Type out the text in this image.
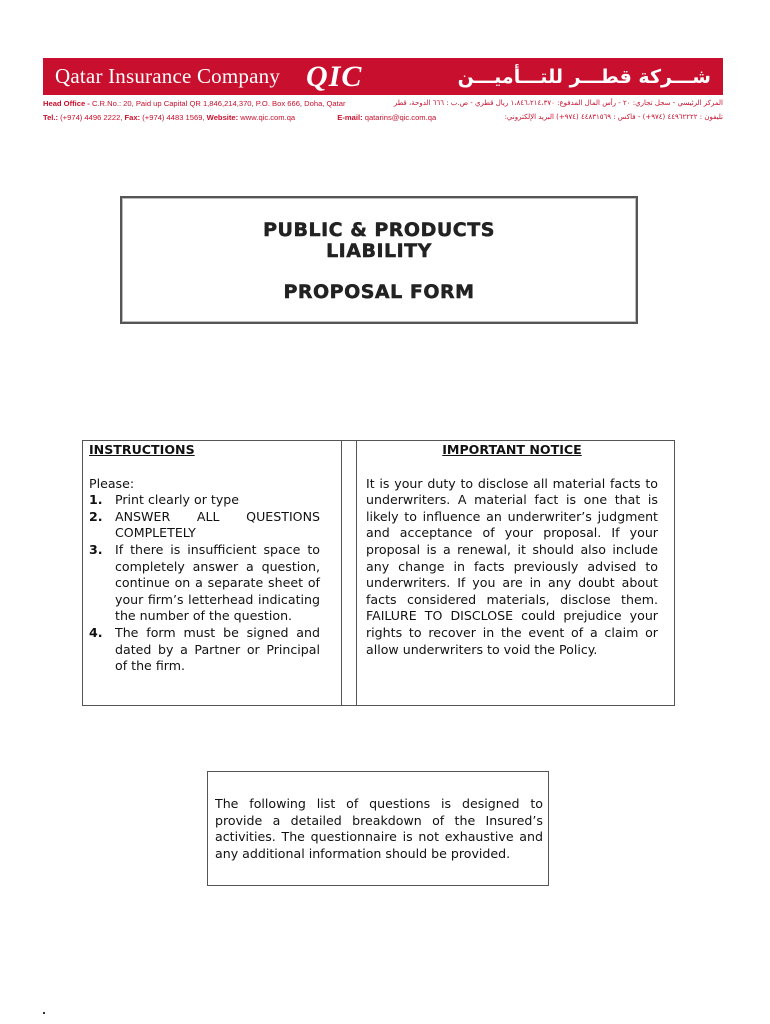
Qatar Insurance Company QIC	شـــركة قطـــر للتـــأميـــن
Head Office - C.R.No.: 20, Paid up Capital QR 1,846,214,370, P.O. Box 666, Doha, Qatar	المركز الرئيسي - سجل تجاري: ٢٠ - رأس المال المدفوع: ١،٨٤٦،٢١٤،٣٧٠ ريال قطري - ص.ب : ٦٦٦ الدوحة، قطر
Tel.: (+974) 4496 2222, Fax: (+974) 4483 1569, Website: www.qic.com.qa	E-mail: qatarins@qic.com.qa	تليفون : ٤٤٩٦٢٢٢٢ (٩٧٤+) - فاكس : ٤٤٨٣١٥٦٩ (٩٧٤+) البريد الإلكتروني:
PUBLIC & PRODUCTS
LIABILITY
PROPOSAL FORM
INSTRUCTIONS
Please:
1. Print clearly or type
2. ANSWER ALL QUESTIONS COMPLETELY
3. If there is insufficient space to completely answer a question, continue on a separate sheet of your firm’s letterhead indicating the number of the question.
4. The form must be signed and dated by a Partner or Principal of the firm.
IMPORTANT NOTICE
It is your duty to disclose all material facts to underwriters. A material fact is one that is likely to influence an underwriter’s judgment and acceptance of your proposal. If your proposal is a renewal, it should also include any change in facts previously advised to underwriters. If you are in any doubt about facts considered materials, disclose them. FAILURE TO DISCLOSE could prejudice your rights to recover in the event of a claim or allow underwriters to void the Policy.
The following list of questions is designed to provide a detailed breakdown of the Insured’s activities. The questionnaire is not exhaustive and any additional information should be provided.
